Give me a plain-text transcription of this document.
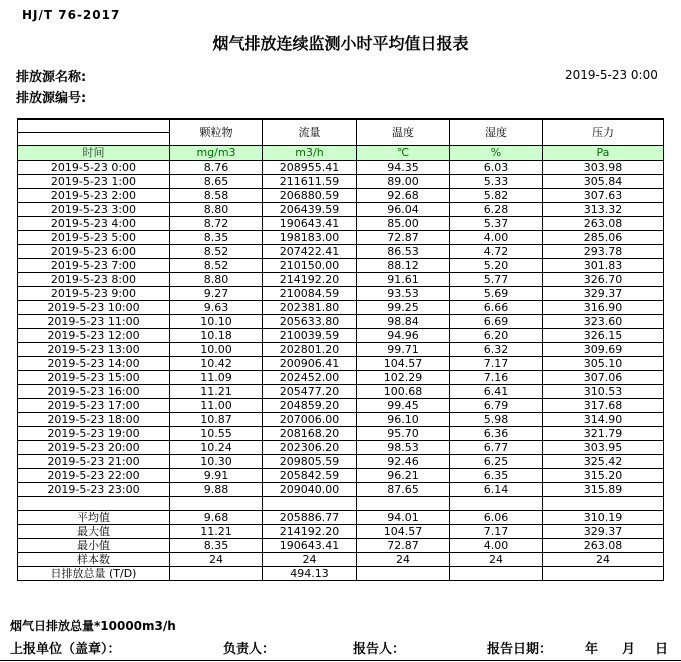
HJ/T 76-2017
烟气排放连续监测小时平均值日报表
排放源名称:
排放源编号:
2019-5-23 0:00
	颗粒物	流量	温度	湿度	压力

时间	mg/m3	m3/h	℃	%	Pa
2019-5-23 0:00	8.76	208955.41	94.35	6.03	303.98
2019-5-23 1:00	8.65	211611.59	89.00	5.33	305.84
2019-5-23 2:00	8.58	206880.59	92.68	5.82	307.63
2019-5-23 3:00	8.80	206439.59	96.04	6.28	313.32
2019-5-23 4:00	8.72	190643.41	85.00	5.37	263.08
2019-5-23 5:00	8.35	198183.00	72.87	4.00	285.06
2019-5-23 6:00	8.52	207422.41	86.53	4.72	293.78
2019-5-23 7:00	8.52	210150.00	88.12	5.20	301.83
2019-5-23 8:00	8.80	214192.20	91.61	5.77	326.70
2019-5-23 9:00	9.27	210084.59	93.53	5.69	329.37
2019-5-23 10:00	9.63	202381.80	99.25	6.66	316.90
2019-5-23 11:00	10.10	205633.80	98.84	6.69	323.60
2019-5-23 12:00	10.18	210039.59	94.96	6.20	326.15
2019-5-23 13:00	10.00	202801.20	99.71	6.32	309.69
2019-5-23 14:00	10.42	200906.41	104.57	7.17	305.10
2019-5-23 15:00	11.09	202452.00	102.29	7.16	307.06
2019-5-23 16:00	11.21	205477.20	100.68	6.41	310.53
2019-5-23 17:00	11.00	204859.20	99.45	6.79	317.68
2019-5-23 18:00	10.87	207006.00	96.10	5.98	314.90
2019-5-23 19:00	10.55	208168.20	95.70	6.36	321.79
2019-5-23 20:00	10.24	202306.20	98.53	6.77	303.95
2019-5-23 21:00	10.30	209805.59	92.46	6.25	325.42
2019-5-23 22:00	9.91	205842.59	96.21	6.35	315.20
2019-5-23 23:00	9.88	209040.00	87.65	6.14	315.89

平均值	9.68	205886.77	94.01	6.06	310.19
最大值	11.21	214192.20	104.57	7.17	329.37
最小值	8.35	190643.41	72.87	4.00	263.08
样本数	24	24	24	24	24
日排放总量 (T/D)		494.13			
烟气日排放总量*10000m3/h
上报单位（盖章）：	负责人：	报告人：	报告日期：	年 月 日
